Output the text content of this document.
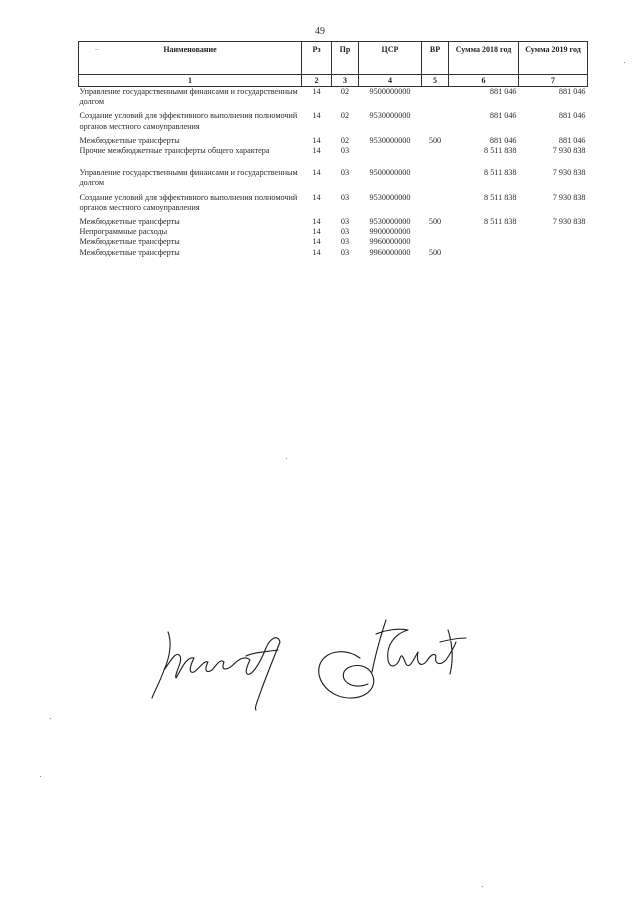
49
.. Наименование	Рз	Пр	ЦСР	ВР	Сумма 2018 год	Сумма 2019 год

1	2	3	4	5	6	7
Управление государственными финансами и государственным долгом	14	02	9500000000		881 046	881 046
Создание условий для эффективного выполнения полномочий органов местного самоуправления	14	02	9530000000		881 046	881 046
Межбюджетные трансферты	14	02	9530000000	500	881 046	881 046
Прочие межбюджетные трансферты общего характера	14	03			8 511 838	7 930 838
Управление государственными финансами и государственным долгом	14	03	9500000000		8 511 838	7 930 838
Создание условий для эффективного выполнения полномочий органов местного самоуправления	14	03	9530000000		8 511 838	7 930 838
Межбюджетные трансферты	14	03	9530000000	500	8 511 838	7 930 838
Непрограммные расходы	14	03	9900000000			
Межбюджетные трансферты	14	03	9960000000			
Межбюджетные трансферты	14	03	9960000000	500		
